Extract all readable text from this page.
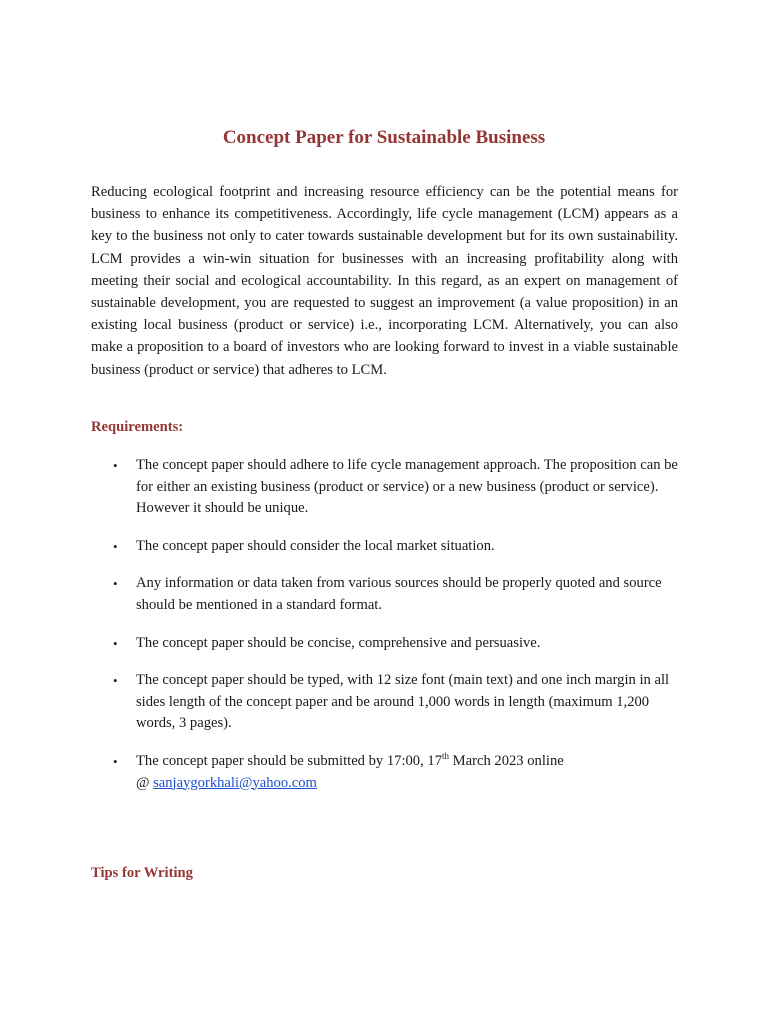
Concept Paper for Sustainable Business

Reducing ecological footprint and increasing resource efficiency can be the potential means for business to enhance its competitiveness. Accordingly, life cycle management (LCM) appears as a key to the business not only to cater towards sustainable development but for its own sustainability. LCM provides a win-win situation for businesses with an increasing profitability along with meeting their social and ecological accountability. In this regard, as an expert on management of sustainable development, you are requested to suggest an improvement (a value proposition) in an existing local business (product or service) i.e., incorporating LCM. Alternatively, you can also make a proposition to a board of investors who are looking forward to invest in a viable sustainable business (product or service) that adheres to LCM.

Requirements:
• The concept paper should adhere to life cycle management approach. The proposition can be for either an existing business (product or service) or a new business (product or service). However it should be unique.
• The concept paper should consider the local market situation.
• Any information or data taken from various sources should be properly quoted and source should be mentioned in a standard format.
• The concept paper should be concise, comprehensive and persuasive.
• The concept paper should be typed, with 12 size font (main text) and one inch margin in all sides length of the concept paper and be around 1,000 words in length (maximum 1,200 words, 3 pages).
• The concept paper should be submitted by 17:00, 17th March 2023 online
@ sanjaygorkhali@yahoo.com
Tips for Writing
